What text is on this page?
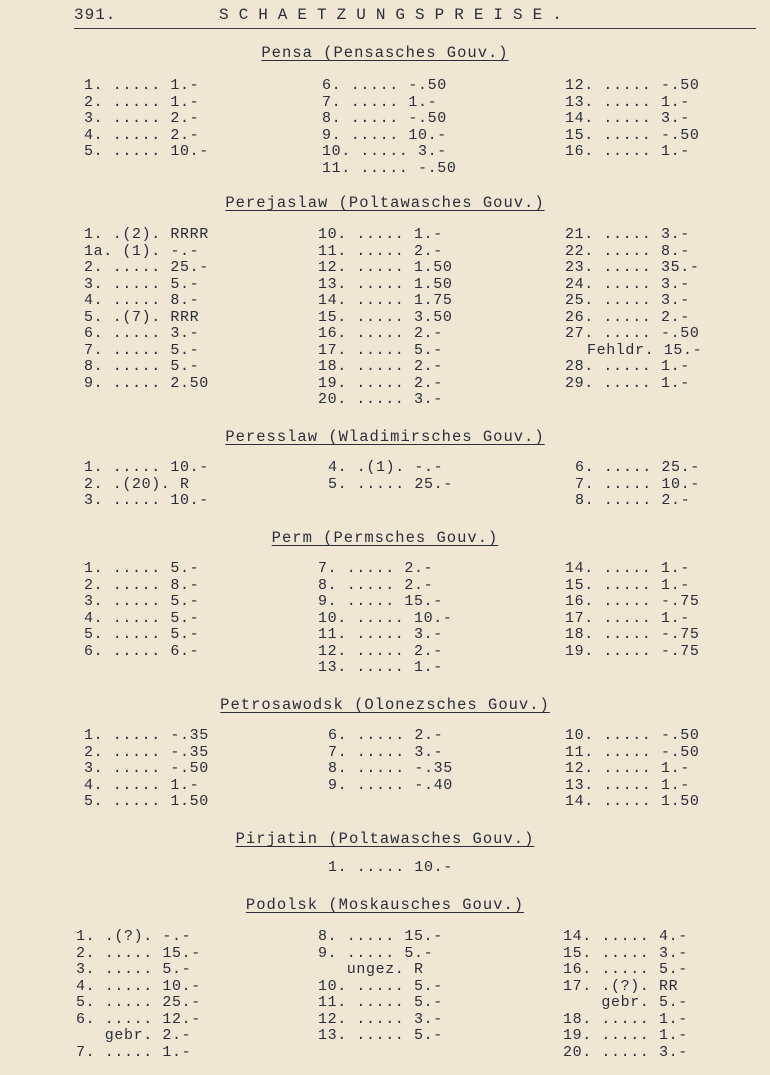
391.	SCHAETZUNGSPREISE.
Pensa (Pensasches Gouv.)
1. ..... 1.-
2. ..... 1.-
3. ..... 2.-
4. ..... 2.-
5. ..... 10.-
6. ..... -.50
7. ..... 1.-
8. ..... -.50
9. ..... 10.-
10. ..... 3.-
11. ..... -.50
12. ..... -.50
13. ..... 1.-
14. ..... 3.-
15. ..... -.50
16. ..... 1.-
Perejaslaw (Poltawasches Gouv.)
1. .(2). RRRR
1a. (1). -.-
2. ..... 25.-
3. ..... 5.-
4. ..... 8.-
5. .(7). RRR
6. ..... 3.-
7. ..... 5.-
8. ..... 5.-
9. ..... 2.50
10. ..... 1.-
11. ..... 2.-
12. ..... 1.50
13. ..... 1.50
14. ..... 1.75
15. ..... 3.50
16. ..... 2.-
17. ..... 5.-
18. ..... 2.-
19. ..... 2.-
20. ..... 3.-
21. ..... 3.-
22. ..... 8.-
23. ..... 35.-
24. ..... 3.-
25. ..... 3.-
26. ..... 2.-
27. ..... -.50
Fehldr. 15.-
28. ..... 1.-
29. ..... 1.-
Peresslaw (Wladimirsches Gouv.)
1. ..... 10.-
2. .(20). R
3. ..... 10.-
4. .(1). -.-
5. ..... 25.-
6. ..... 25.-
7. ..... 10.-
8. ..... 2.-
Perm (Permsches Gouv.)
1. ..... 5.-
2. ..... 8.-
3. ..... 5.-
4. ..... 5.-
5. ..... 5.-
6. ..... 6.-
7. ..... 2.-
8. ..... 2.-
9. ..... 15.-
10. ..... 10.-
11. ..... 3.-
12. ..... 2.-
13. ..... 1.-
14. ..... 1.-
15. ..... 1.-
16. ..... -.75
17. ..... 1.-
18. ..... -.75
19. ..... -.75
Petrosawodsk (Olonezsches Gouv.)
1. ..... -.35
2. ..... -.35
3. ..... -.50
4. ..... 1.-
5. ..... 1.50
6. ..... 2.-
7. ..... 3.-
8. ..... -.35
9. ..... -.40
10. ..... -.50
11. ..... -.50
12. ..... 1.-
13. ..... 1.-
14. ..... 1.50
Pirjatin (Poltawasches Gouv.)
1. ..... 10.-
Podolsk (Moskausches Gouv.)
1. .(?). -.-
2. ..... 15.-
3. ..... 5.-
4. ..... 10.-
5. ..... 25.-
6. ..... 12.-
gebr. 2.-
7. ..... 1.-
8. ..... 15.-
9. ..... 5.-
ungez. R
10. ..... 5.-
11. ..... 5.-
12. ..... 3.-
13. ..... 5.-
14. ..... 4.-
15. ..... 3.-
16. ..... 5.-
17. .(?). RR
gebr. 5.-
18. ..... 1.-
19. ..... 1.-
20. ..... 3.-
